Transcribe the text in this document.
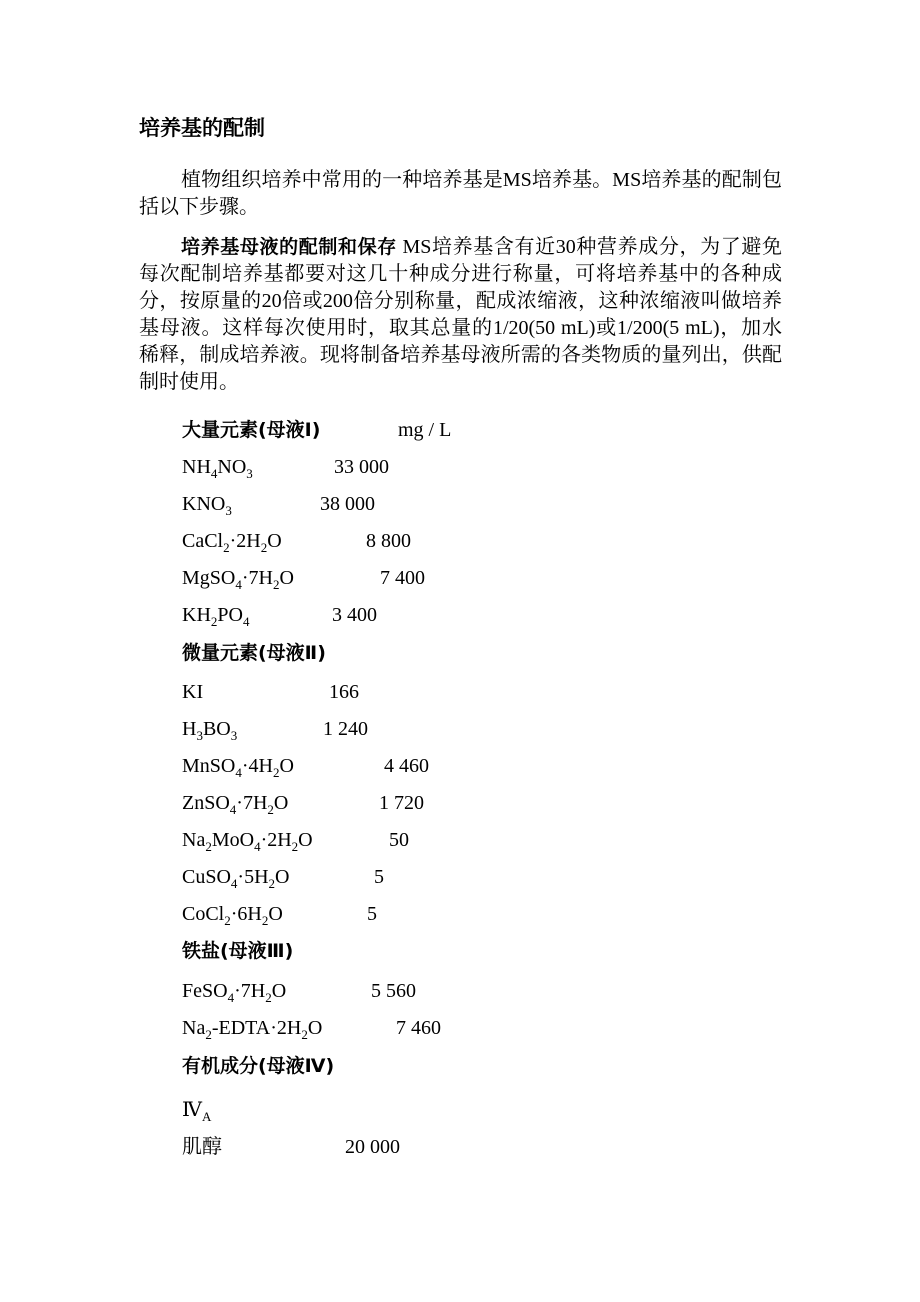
培养基的配制

植物组织培养中常用的一种培养基是MS培养基。MS培养基的配制包括以下步骤。

培养基母液的配制和保存 MS培养基含有近30种营养成分，为了避免每次配制培养基都要对这几十种成分进行称量，可将培养基中的各种成分，按原量的20倍或200倍分别称量，配成浓缩液，这种浓缩液叫做培养基母液。这样每次使用时，取其总量的1/20(50 mL)或1/200(5 mL)，加水稀释，制成培养液。现将制备培养基母液所需的各类物质的量列出，供配制时使用。

大量元素(母液Ⅰ)	mg / L
$NH_4NO_3$	33 000
$KNO_3$	38 000
$CaCl_2\cdot 2H_2O$	8 800
$MgSO_4\cdot 7H_2O$	7 400
$KH_2PO_4$	3 400
微量元素(母液Ⅱ)
KI	166
$H_3BO_3$	1 240
$MnSO_4\cdot 4H_2O$	4 460
$ZnSO_4\cdot 7H_2O$	1 720
$Na_2MoO_4\cdot 2H_2O$	50
$CuSO_4\cdot 5H_2O$	5
$CoCl_2\cdot 6H_2O$	5
铁盐(母液Ⅲ)
$FeSO_4\cdot 7H_2O$	5 560
$Na_2-EDTA\cdot 2H_2O$	7 460
有机成分(母液Ⅳ)
$Ⅳ_A$
肌醇	20 000
